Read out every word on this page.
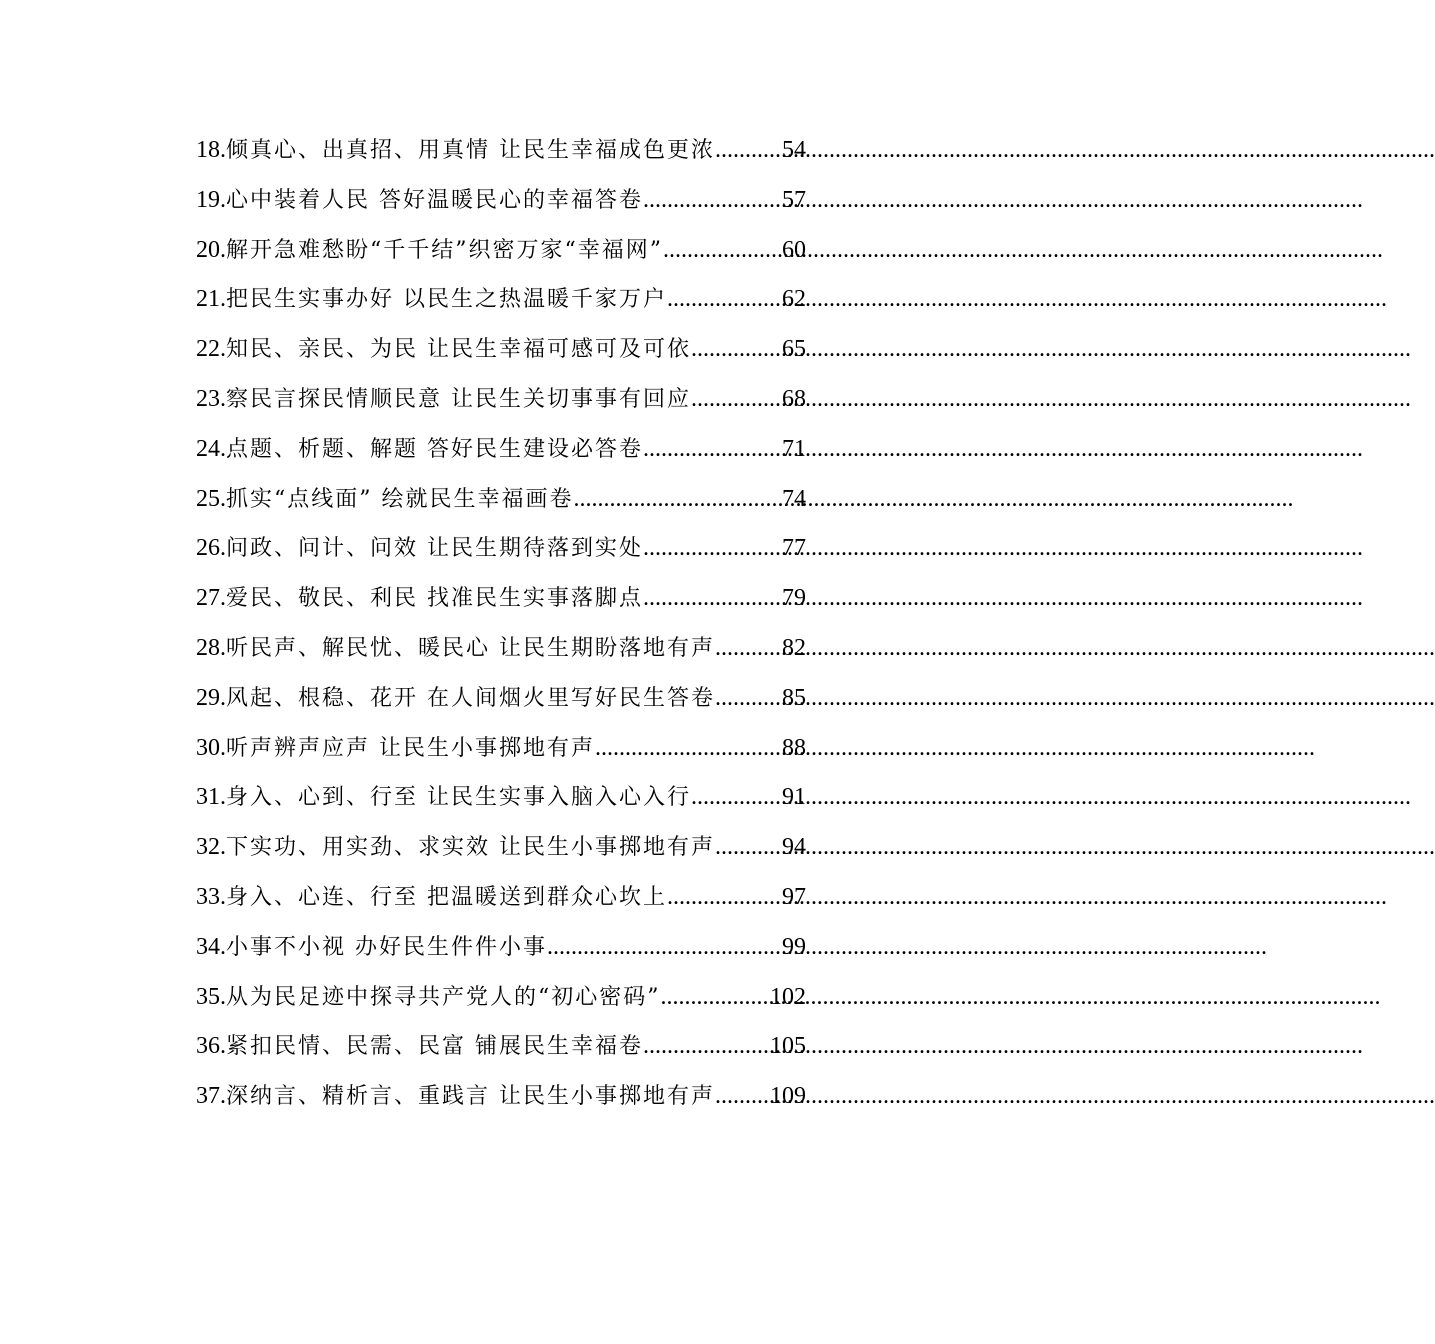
18. 倾真心、出真招、用真情 让民生幸福成色更浓 .....	54
19. 心中装着人民 答好温暖民心的幸福答卷 .....	57
20. 解开急难愁盼“千千结”织密万家“幸福网” .....	60
21. 把民生实事办好 以民生之热温暖千家万户 .....	62
22. 知民、亲民、为民 让民生幸福可感可及可依 .....	65
23. 察民言探民情顺民意 让民生关切事事有回应 .....	68
24. 点题、析题、解题 答好民生建设必答卷 .....	71
25. 抓实“点线面” 绘就民生幸福画卷 .....	74
26. 问政、问计、问效 让民生期待落到实处 .....	77
27. 爱民、敬民、利民 找准民生实事落脚点 .....	79
28. 听民声、解民忧、暖民心 让民生期盼落地有声 .....	82
29. 风起、根稳、花开 在人间烟火里写好民生答卷 .....	85
30. 听声辨声应声 让民生小事掷地有声 .....	88
31. 身入、心到、行至 让民生实事入脑入心入行 .....	91
32. 下实功、用实劲、求实效 让民生小事掷地有声 .....	94
33. 身入、心连、行至 把温暖送到群众心坎上 .....	97
34. 小事不小视 办好民生件件小事 .....	99
35. 从为民足迹中探寻共产党人的“初心密码” .....	102
36. 紧扣民情、民需、民富 铺展民生幸福卷 .....	105
37. 深纳言、精析言、重践言 让民生小事掷地有声 ..... 109
